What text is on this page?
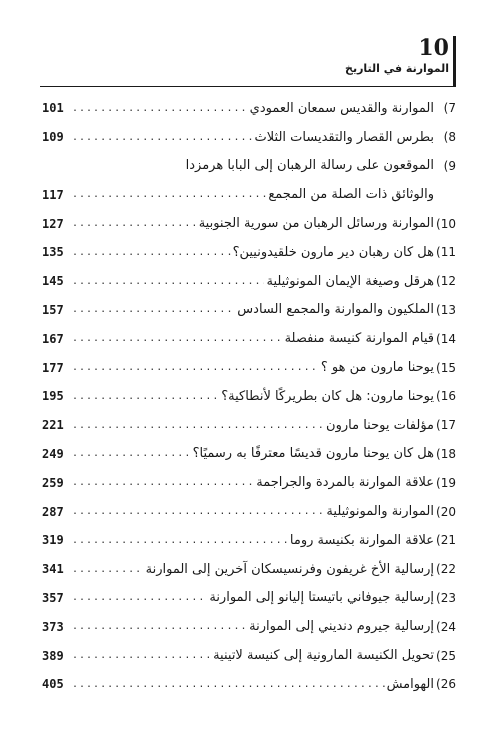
10
الموارنة في التاريخ
7)
الموارنة والقديس سمعان العمودي
.....
101
8)
بطرس القصار والتقديسات الثلاث
.....
109
9)
الموقعون على رسالة الرهبان إلى البابا هرمزدا
والوثائق ذات الصلة من المجمع
.....
117
10)
الموارنة ورسائل الرهبان من سورية الجنوبية
.....
127
11)
هل كان رهبان دير مارون خلقيدونيين؟
.....
135
12)
هرقل وصيغة الإيمان المونوثيلية
.....
145
13)
الملكيون والموارنة والمجمع السادس
.....
157
14)
قيام الموارنة كنيسة منفصلة
.....
167
15)
يوحنا مارون من هو ؟
.....
177
16)
يوحنا مارون: هل كان بطريركًا لأنطاكية؟
.....
195
17)
مؤلفات يوحنا مارون
.....
221
18)
هل كان يوحنا مارون قديسًا معترفًا به رسميًا؟
.....
249
19)
علاقة الموارنة بالمردة والجراجمة
.....
259
20)
الموارنة والمونوثيلية
.....
287
21)
علاقة الموارنة بكنيسة روما
.....
319
22)
إرسالية الأخ غريفون وفرنسيسكان آخرين إلى الموارنة
.....
341
23)
إرسالية جيوفاني باتيستا إليانو إلى الموارنة
.....
357
24)
إرسالية جيروم دنديني إلى الموارنة
.....
373
25)
تحويل الكنيسة المارونية إلى كنيسة لاتينية
.....
389
26)
الهوامش
.....
405
